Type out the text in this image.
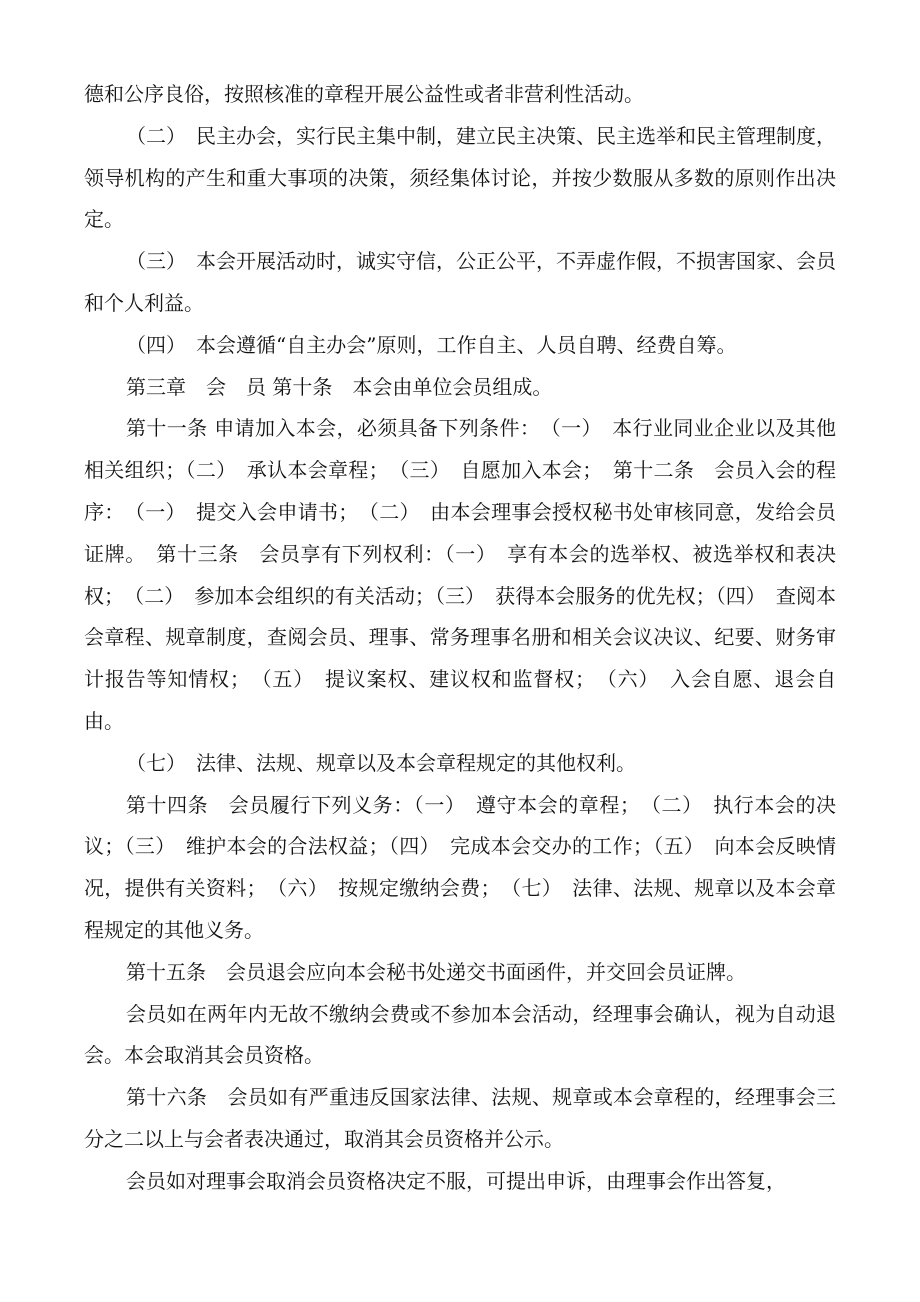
德和公序良俗，按照核准的章程开展公益性或者非营利性活动。

（二）　民主办会，实行民主集中制，建立民主决策、民主选举和民主管理制度，领导机构的产生和重大事项的决策，须经集体讨论，并按少数服从多数的原则作出决定。

（三）　本会开展活动时，诚实守信，公正公平，不弄虚作假，不损害国家、会员和个人利益。

（四）　本会遵循“自主办会”原则，工作自主、人员自聘、经费自筹。

第三章　会　员 第十条　本会由单位会员组成。

第十一条 申请加入本会，必须具备下列条件：　（一）　本行业同业企业以及其他相关组织；（二）　承认本会章程；　（三）　自愿加入本会；　第十二条　会员入会的程序：　（一）　提交入会申请书；　（二）　由本会理事会授权秘书处审核同意，发给会员证牌。　第十三条　会员享有下列权利：（一）　享有本会的选举权、被选举权和表决权；　（二）　参加本会组织的有关活动；（三）　获得本会服务的优先权；（四）　查阅本会章程、规章制度，查阅会员、理事、常务理事名册和相关会议决议、纪要、财务审计报告等知情权；　（五）　提议案权、建议权和监督权；　（六）　入会自愿、退会自由。

（七）　法律、法规、规章以及本会章程规定的其他权利。

第十四条　会员履行下列义务：（一）　遵守本会的章程；　（二）　执行本会的决议；（三）　维护本会的合法权益；（四）　完成本会交办的工作；（五）　向本会反映情况，提供有关资料；　（六）　按规定缴纳会费；　（七）　法律、法规、规章以及本会章程规定的其他义务。

第十五条　会员退会应向本会秘书处递交书面函件，并交回会员证牌。

会员如在两年内无故不缴纳会费或不参加本会活动，经理事会确认，视为自动退会。本会取消其会员资格。

第十六条　会员如有严重违反国家法律、法规、规章或本会章程的，经理事会三分之二以上与会者表决通过，取消其会员资格并公示。

会员如对理事会取消会员资格决定不服，可提出申诉，由理事会作出答复，
